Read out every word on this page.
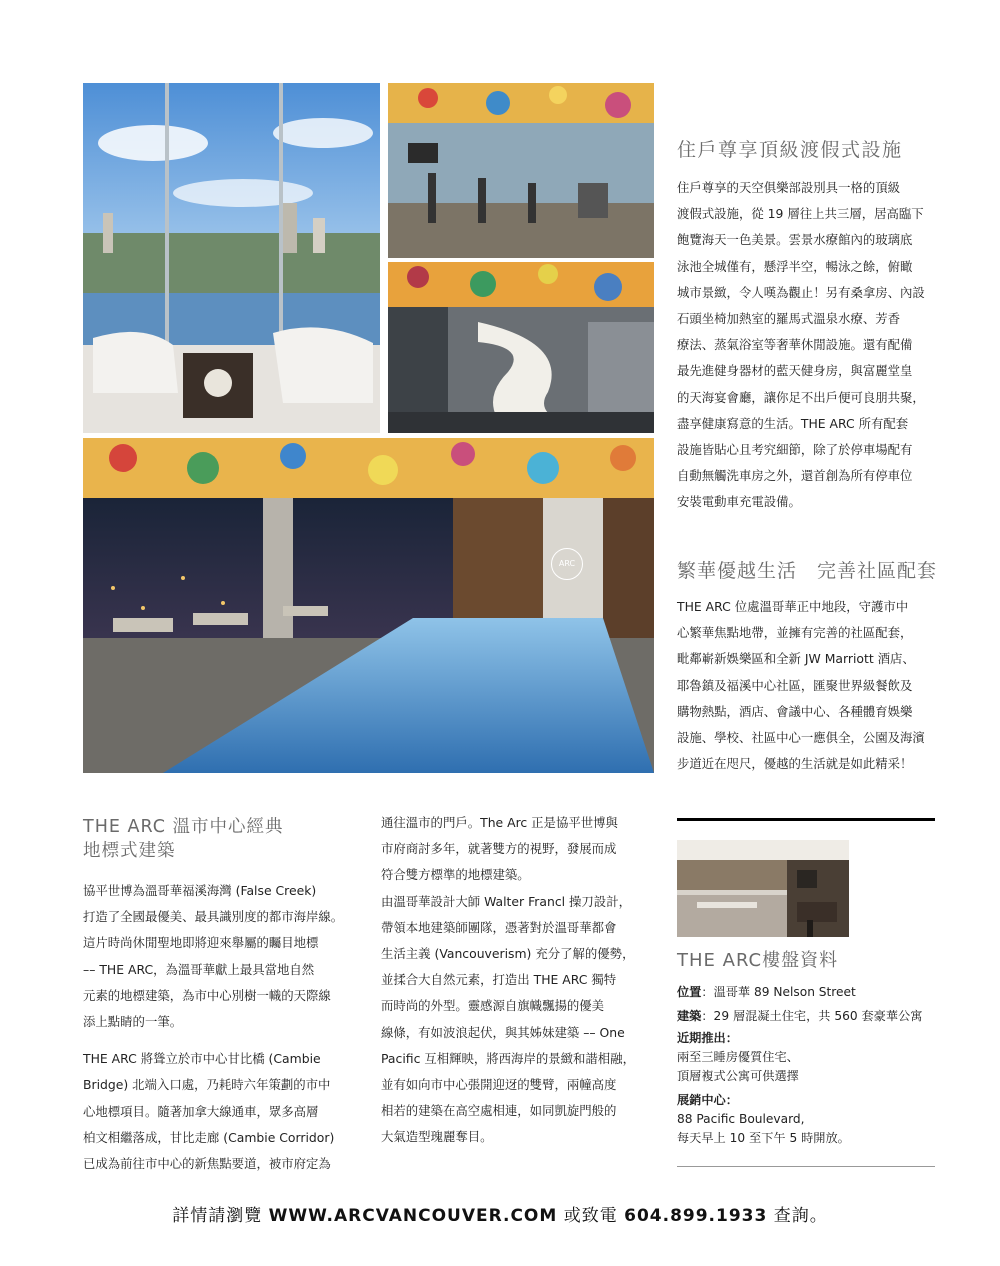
ARC
住戶尊享頂級渡假式設施

住戶尊享的天空俱樂部設別具一格的頂級

渡假式設施，從 19 層往上共三層，居高臨下

飽覽海天一色美景。雲景水療館內的玻璃底

泳池全城僅有，懸浮半空，暢泳之餘，俯瞰

城市景緻，令人嘆為觀止！另有桑拿房、內設

石頭坐椅加熱室的羅馬式溫泉水療、芳香

療法、蒸氣浴室等奢華休閒設施。還有配備

最先進健身器材的藍天健身房，與富麗堂皇

的天海宴會廳，讓你足不出戶便可良朋共聚，

盡享健康寫意的生活。THE ARC 所有配套

設施皆貼心且考究細節，除了於停車場配有

自動無觸洗車房之外，還首創為所有停車位

安裝電動車充電設備。

繁華優越生活　完善社區配套

THE ARC 位處溫哥華正中地段，守護市中

心繁華焦點地帶，並擁有完善的社區配套，

毗鄰嶄新娛樂區和全新 JW Marriott 酒店、

耶魯鎮及福溪中心社區，匯聚世界級餐飲及

購物熱點，酒店、會議中心、各種體育娛樂

設施、學校、社區中心一應俱全，公園及海濱

步道近在咫尺，優越的生活就是如此精采！

THE ARC 溫市中心經典
地標式建築

協平世博為溫哥華福溪海灣 (False Creek)

打造了全國最優美、最具識別度的都市海岸線。

這片時尚休閒聖地即將迎來舉屬的矚目地標

–– THE ARC，為溫哥華獻上最具當地自然

元素的地標建築，為市中心別樹一幟的天際線

添上點睛的一筆。

THE ARC 將聳立於市中心甘比橋 (Cambie

Bridge) 北端入口處，乃耗時六年策劃的市中

心地標項目。隨著加拿大線通車，眾多高層

柏文相繼落成，甘比走廊 (Cambie Corridor)

已成為前往市中心的新焦點要道，被市府定為

通往溫市的門戶。The Arc 正是協平世博與

市府商討多年，就著雙方的視野，發展而成

符合雙方標準的地標建築。

由溫哥華設計大師 Walter Francl 操刀設計，

帶領本地建築師團隊，憑著對於溫哥華都會

生活主義 (Vancouverism) 充分了解的優勢，

並揉合大自然元素，打造出 THE ARC 獨特

而時尚的外型。靈感源自旗幟飄揚的優美

線條，有如波浪起伏，與其姊妹建築 –– One

Pacific 互相輝映，將西海岸的景緻和諧相融，

並有如向市中心張開迎迓的雙臂，兩幢高度

相若的建築在高空處相連，如同凱旋門般的

大氣造型瑰麗奪目。

THE ARC樓盤資料
位置：溫哥華 89 Nelson Street
建築：29 層混凝土住宅，共 560 套豪華公寓
近期推出：
兩至三睡房優質住宅、
頂層複式公寓可供選擇
展銷中心：
88 Pacific Boulevard,
每天早上 10 至下午 5 時開放。
詳情請瀏覽 WWW.ARCVANCOUVER.COM 或致電 604.899.1933 查詢。
